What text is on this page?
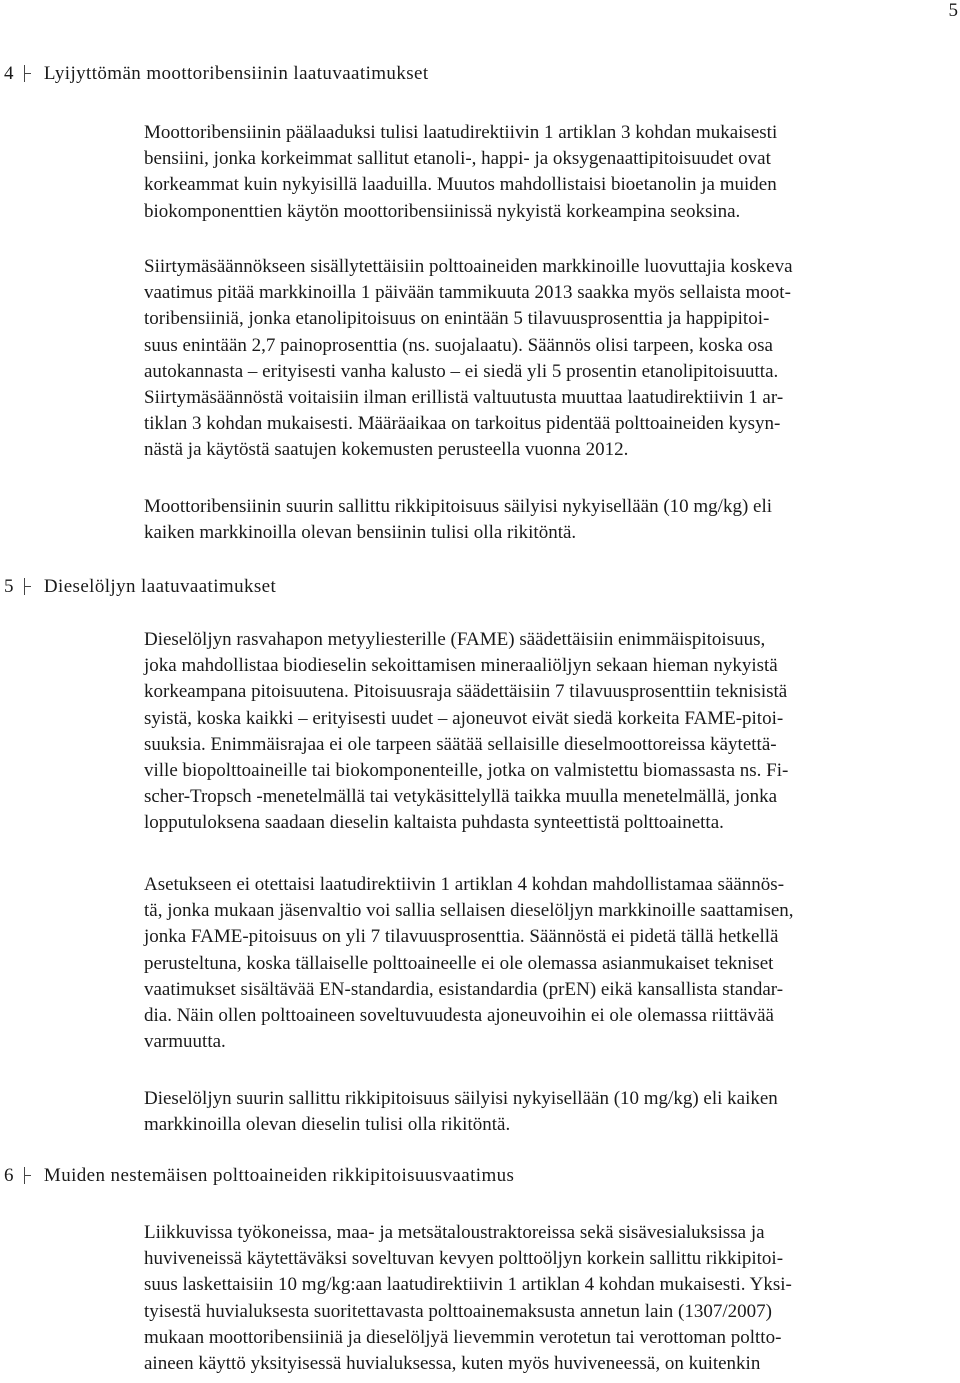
5
4 Lyijyttömän moottoribensiinin laatuvaatimukset

Moottoribensiinin päälaaduksi tulisi laatudirektiivin 1 artiklan 3 kohdan mukaisesti
bensiini, jonka korkeimmat sallitut etanoli-, happi- ja oksygenaattipitoisuudet ovat
korkeammat kuin nykyisillä laaduilla. Muutos mahdollistaisi bioetanolin ja muiden
biokomponenttien käytön moottoribensiinissä nykyistä korkeampina seoksina.

Siirtymäsäännökseen sisällytettäisiin polttoaineiden markkinoille luovuttajia koskeva
vaatimus pitää markkinoilla 1 päivään tammikuuta 2013 saakka myös sellaista moot-
toribensiiniä, jonka etanolipitoisuus on enintään 5 tilavuusprosenttia ja happipitoi-
suus enintään 2,7 painoprosenttia (ns. suojalaatu). Säännös olisi tarpeen, koska osa
autokannasta – erityisesti vanha kalusto – ei siedä yli 5 prosentin etanolipitoisuutta.
Siirtymäsäännöstä voitaisiin ilman erillistä valtuutusta muuttaa laatudirektiivin 1 ar-
tiklan 3 kohdan mukaisesti. Määräaikaa on tarkoitus pidentää polttoaineiden kysyn-
nästä ja käytöstä saatujen kokemusten perusteella vuonna 2012.

Moottoribensiinin suurin sallittu rikkipitoisuus säilyisi nykyisellään (10 mg/kg) eli
kaiken markkinoilla olevan bensiinin tulisi olla rikitöntä.

5 Dieselöljyn laatuvaatimukset

Dieselöljyn rasvahapon metyyliesterille (FAME) säädettäisiin enimmäispitoisuus,
joka mahdollistaa biodieselin sekoittamisen mineraaliöljyn sekaan hieman nykyistä
korkeampana pitoisuutena. Pitoisuusraja säädettäisiin 7 tilavuusprosenttiin teknisistä
syistä, koska kaikki – erityisesti uudet – ajoneuvot eivät siedä korkeita FAME-pitoi-
suuksia. Enimmäisrajaa ei ole tarpeen säätää sellaisille dieselmoottoreissa käytettä-
ville biopolttoaineille tai biokomponenteille, jotka on valmistettu biomassasta ns. Fi-
scher-Tropsch -menetelmällä tai vetykäsittelyllä taikka muulla menetelmällä, jonka
lopputuloksena saadaan dieselin kaltaista puhdasta synteettistä polttoainetta.

Asetukseen ei otettaisi laatudirektiivin 1 artiklan 4 kohdan mahdollistamaa säännös-
tä, jonka mukaan jäsenvaltio voi sallia sellaisen dieselöljyn markkinoille saattamisen,
jonka FAME-pitoisuus on yli 7 tilavuusprosenttia. Säännöstä ei pidetä tällä hetkellä
perusteltuna, koska tällaiselle polttoaineelle ei ole olemassa asianmukaiset tekniset
vaatimukset sisältävää EN-standardia, esistandardia (prEN) eikä kansallista standar-
dia. Näin ollen polttoaineen soveltuvuudesta ajoneuvoihin ei ole olemassa riittävää
varmuutta.

Dieselöljyn suurin sallittu rikkipitoisuus säilyisi nykyisellään (10 mg/kg) eli kaiken
markkinoilla olevan dieselin tulisi olla rikitöntä.

6 Muiden nestemäisen polttoaineiden rikkipitoisuusvaatimus

Liikkuvissa työkoneissa, maa- ja metsätaloustraktoreissa sekä sisävesialuksissa ja
huviveneissä käytettäväksi soveltuvan kevyen polttoöljyn korkein sallittu rikkipitoi-
suus laskettaisiin 10 mg/kg:aan laatudirektiivin 1 artiklan 4 kohdan mukaisesti. Yksi-
tyisestä huvialuksesta suoritettavasta polttoainemaksusta annetun lain (1307/2007)
mukaan moottoribensiiniä ja dieselöljyä lievemmin verotetun tai verottoman poltto-
aineen käyttö yksityisessä huvialuksessa, kuten myös huviveneessä, on kuitenkin
